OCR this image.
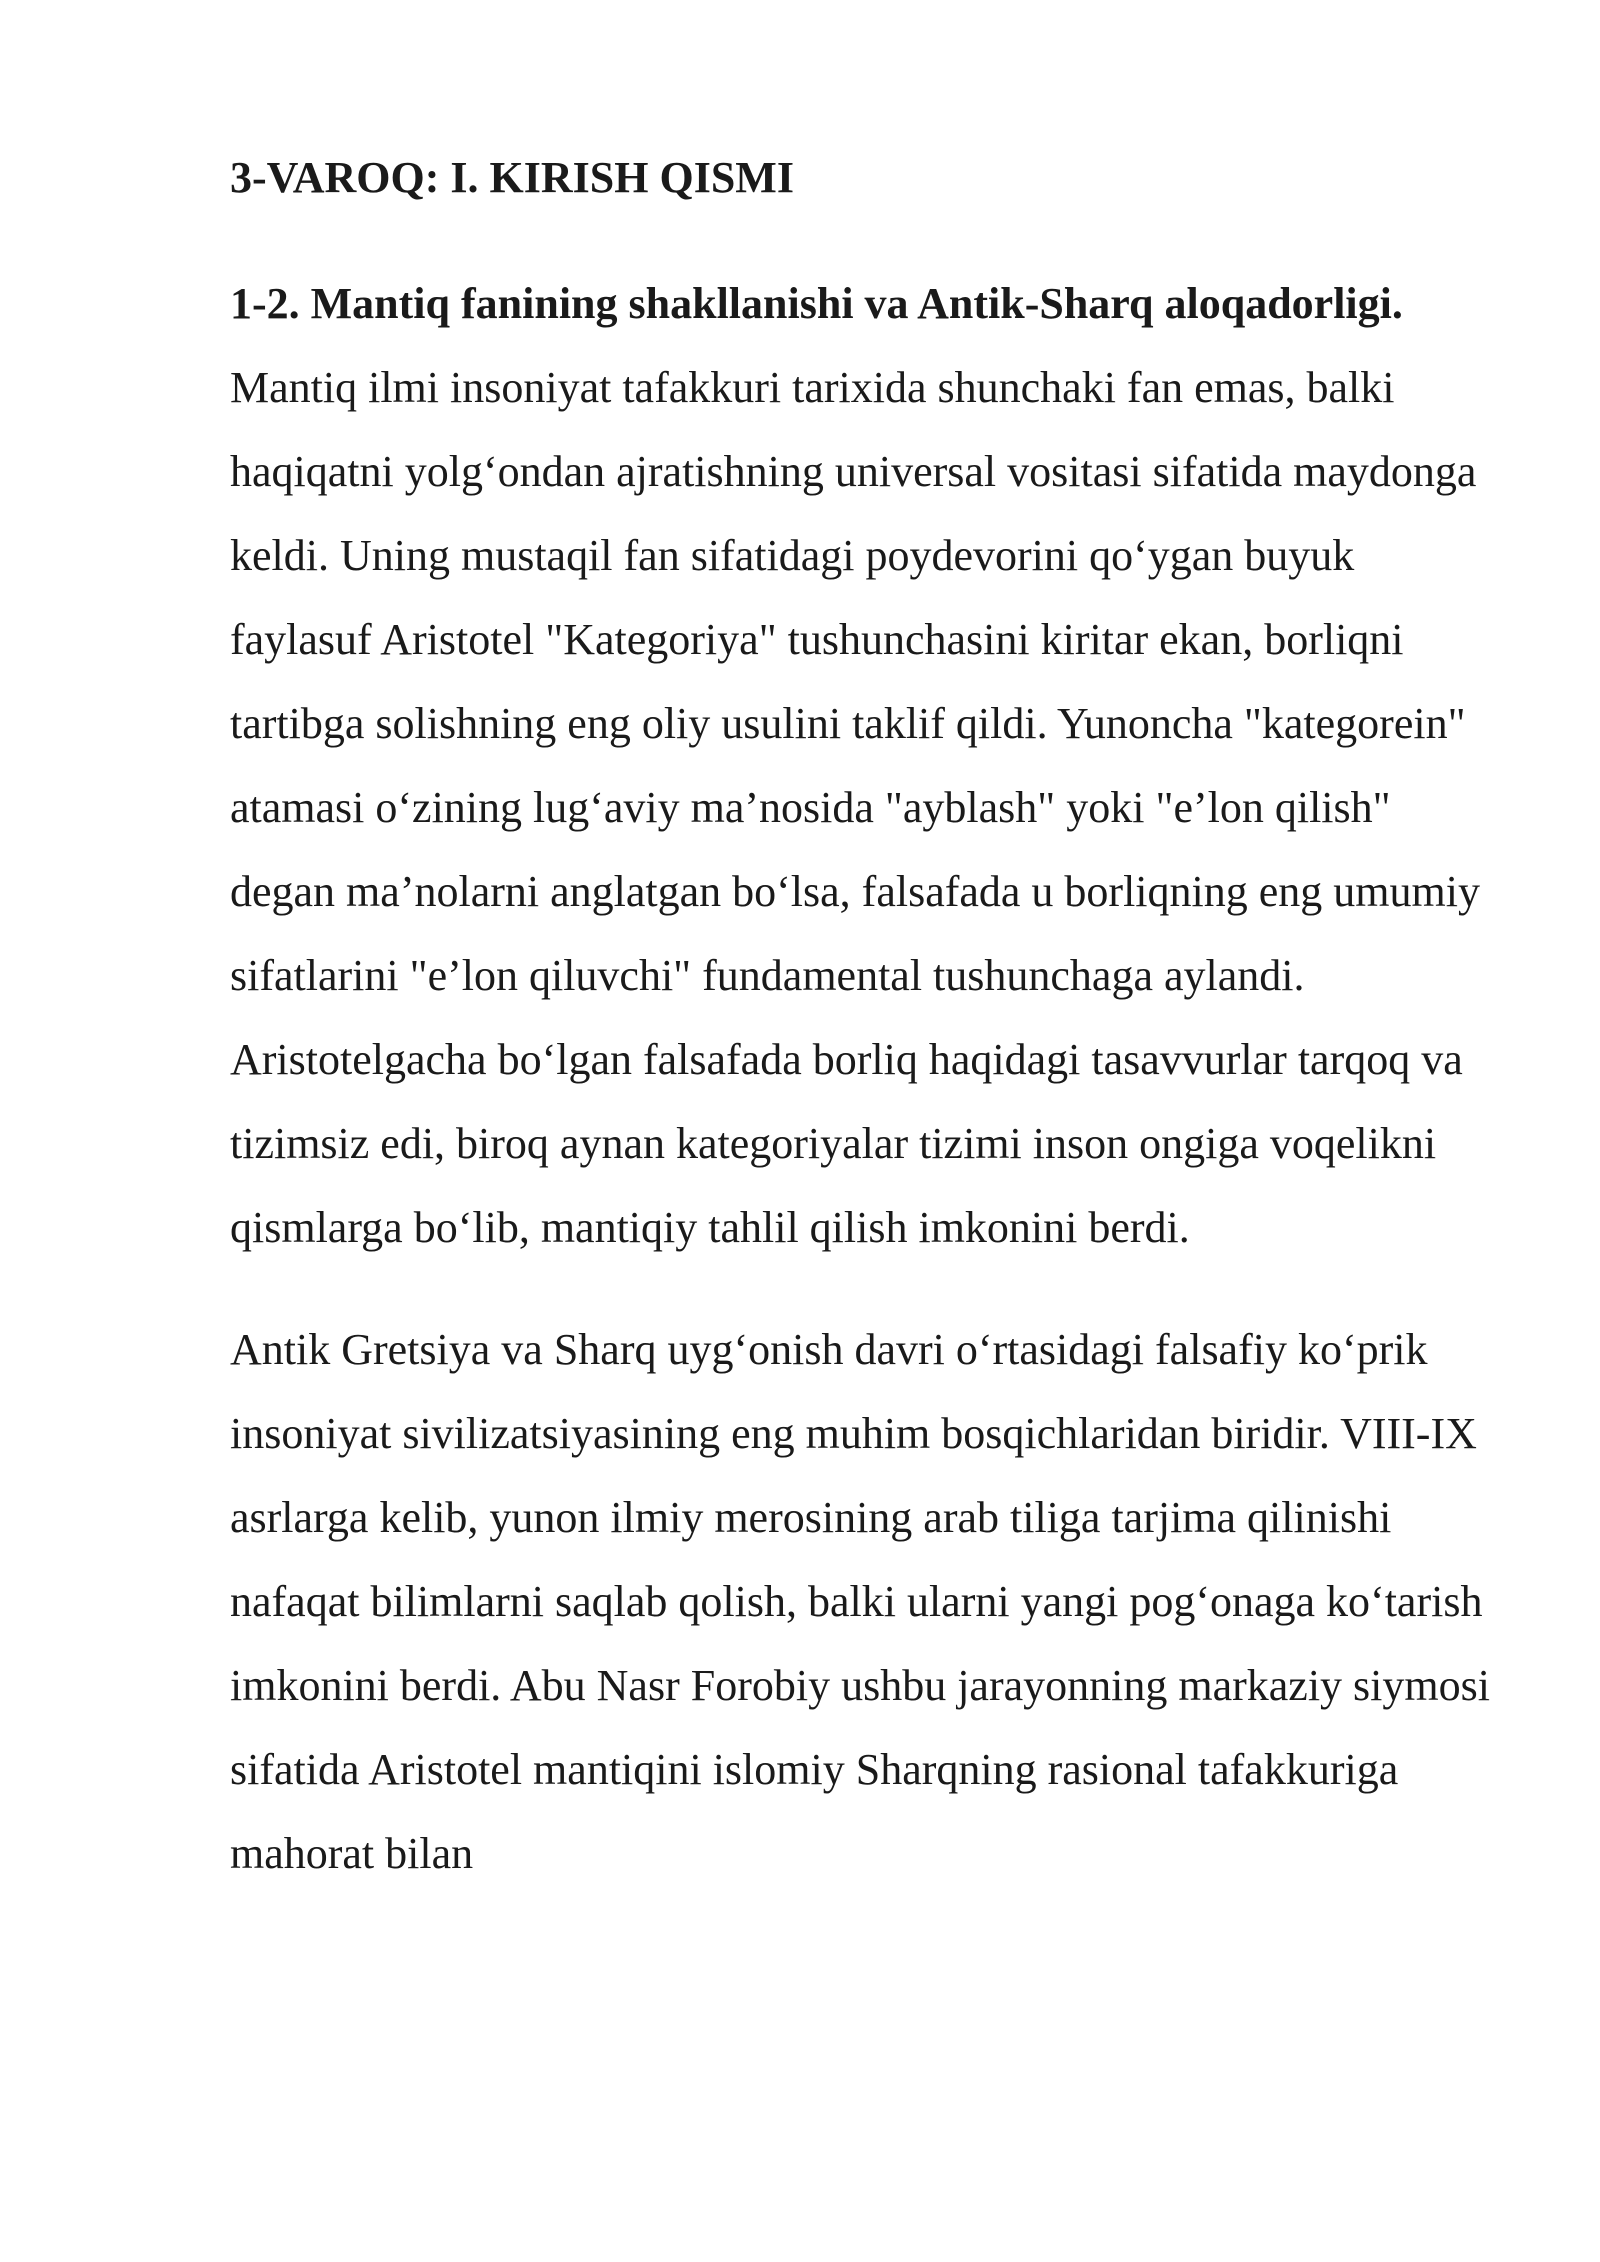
3-VAROQ: I. KIRISH QISMI

1-2. Mantiq fanining shakllanishi va Antik-Sharq aloqadorligi. Mantiq ilmi insoniyat tafakkuri tarixida shunchaki fan emas, balki haqiqatni yolg‘ondan ajratishning universal vositasi sifatida maydonga keldi. Uning mustaqil fan sifatidagi poydevorini qo‘ygan buyuk faylasuf Aristotel "Kategoriya" tushunchasini kiritar ekan, borliqni tartibga solishning eng oliy usulini taklif qildi. Yunoncha "kategorein" atamasi o‘zining lug‘aviy ma’nosida "ayblash" yoki "e’lon qilish" degan ma’nolarni anglatgan bo‘lsa, falsafada u borliqning eng umumiy sifatlarini "e’lon qiluvchi" fundamental tushunchaga aylandi. Aristotelgacha bo‘lgan falsafada borliq haqidagi tasavvurlar tarqoq va tizimsiz edi, biroq aynan kategoriyalar tizimi inson ongiga voqelikni qismlarga bo‘lib, mantiqiy tahlil qilish imkonini berdi.

Antik Gretsiya va Sharq uyg‘onish davri o‘rtasidagi falsafiy ko‘prik insoniyat sivilizatsiyasining eng muhim bosqichlaridan biridir. VIII-IX asrlarga kelib, yunon ilmiy merosining arab tiliga tarjima qilinishi nafaqat bilimlarni saqlab qolish, balki ularni yangi pog‘onaga ko‘tarish imkonini berdi. Abu Nasr Forobiy ushbu jarayonning markaziy siymosi sifatida Aristotel mantiqini islomiy Sharqning rasional tafakkuriga mahorat bilan
